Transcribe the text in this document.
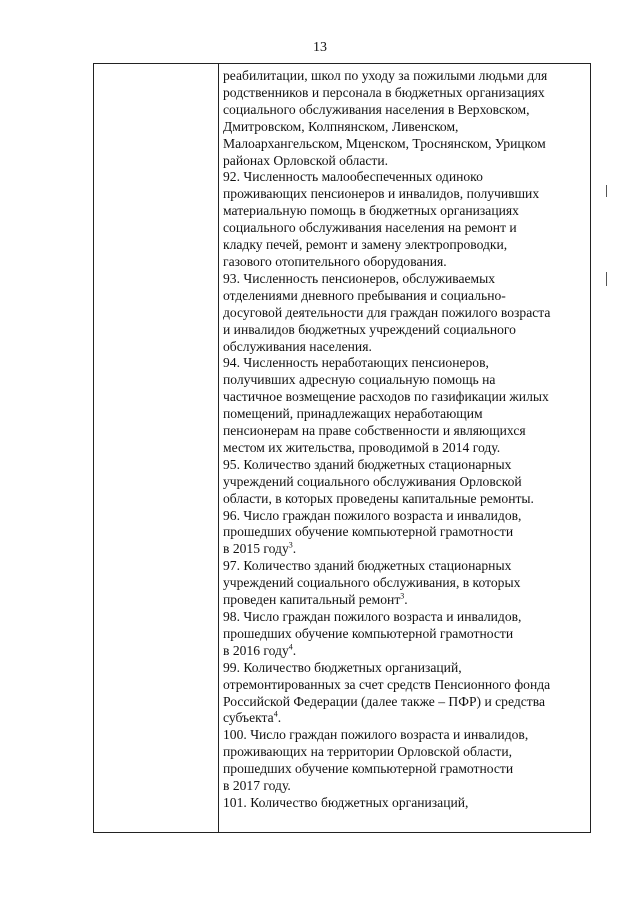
13
реабилитации, школ по уходу за пожилыми людьми для
родственников и персонала в бюджетных организациях
социального обслуживания населения в Верховском,
Дмитровском, Колпнянском, Ливенском,
Малоархангельском, Мценском, Троснянском, Урицком
районах Орловской области.
92. Численность малообеспеченных одиноко
проживающих пенсионеров и инвалидов, получивших
материальную помощь в бюджетных организациях
социального обслуживания населения на ремонт и
кладку печей, ремонт и замену электропроводки,
газового отопительного оборудования.
93. Численность пенсионеров, обслуживаемых
отделениями дневного пребывания и социально-
досуговой деятельности для граждан пожилого возраста
и инвалидов бюджетных учреждений социального
обслуживания населения.
94. Численность неработающих пенсионеров,
получивших адресную социальную помощь на
частичное возмещение расходов по газификации жилых
помещений, принадлежащих неработающим
пенсионерам на праве собственности и являющихся
местом их жительства, проводимой в 2014 году.
95. Количество зданий бюджетных стационарных
учреждений социального обслуживания Орловской
области, в которых проведены капитальные ремонты.
96. Число граждан пожилого возраста и инвалидов,
прошедших обучение компьютерной грамотности
в 2015 году$^3$.
97. Количество зданий бюджетных стационарных
учреждений социального обслуживания, в которых
проведен капитальный ремонт$^3$.
98. Число граждан пожилого возраста и инвалидов,
прошедших обучение компьютерной грамотности
в 2016 году$^4$.
99. Количество бюджетных организаций,
отремонтированных за счет средств Пенсионного фонда
Российской Федерации (далее также – ПФР) и средства
субъекта$^4$.
100. Число граждан пожилого возраста и инвалидов,
проживающих на территории Орловской области,
прошедших обучение компьютерной грамотности
в 2017 году.
101. Количество бюджетных организаций,
